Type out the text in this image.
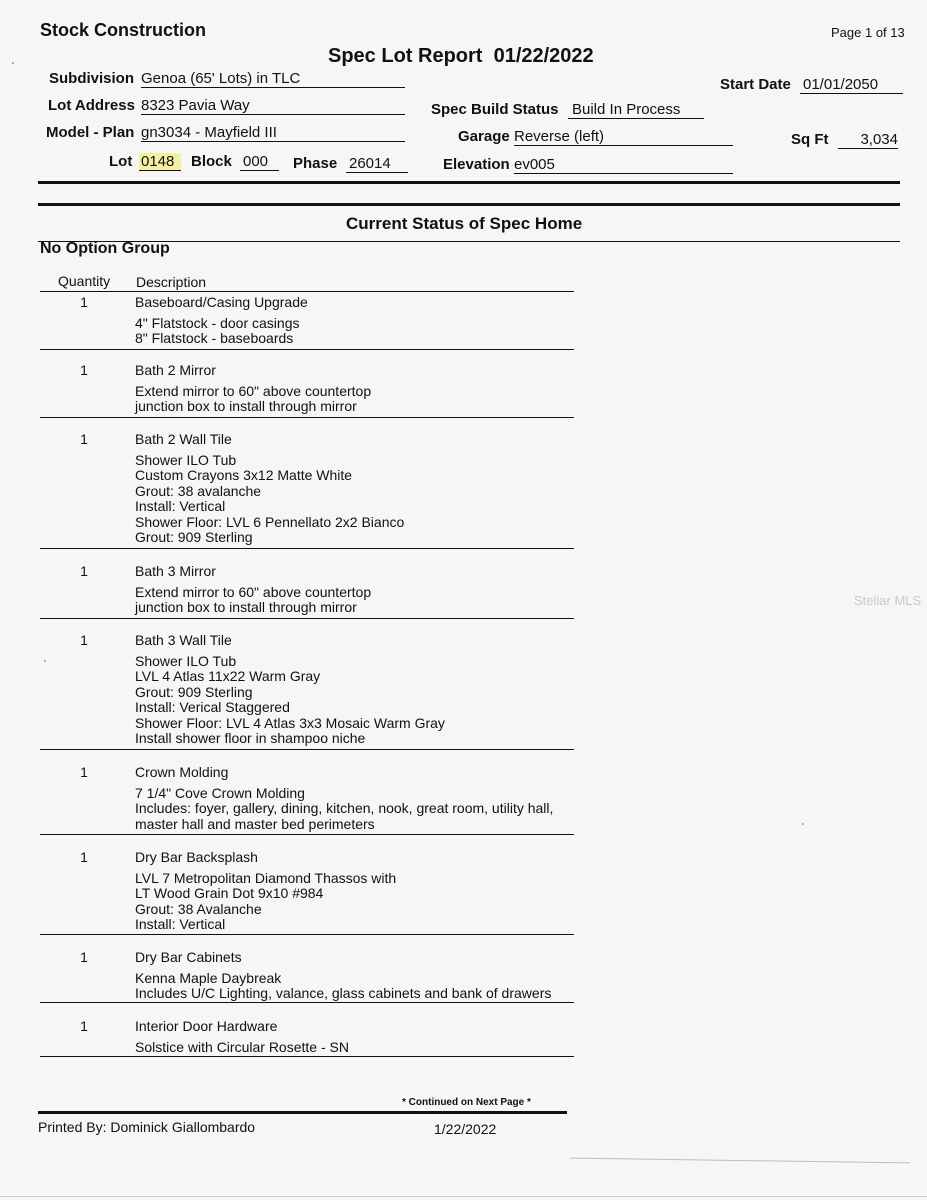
Stock Construction	Page 1 of 13
Spec Lot Report  01/22/2022
Subdivision Genoa (65' Lots) in TLC	Start Date 01/01/2050
Lot Address 8323 Pavia Way	Spec Build Status Build In Process
Model - Plan gn3034 - Mayfield III	Garage Reverse (left)	Sq Ft	3,034
Lot 0148	Block 000	Phase 26014	Elevation ev005
Current Status of Spec Home
No Option Group
Quantity Description
1	Baseboard/Casing Upgrade
4" Flatstock - door casings
8" Flatstock - baseboards
1	Bath 2 Mirror
Extend mirror to 60" above countertop
junction box to install through mirror
1	Bath 2 Wall Tile
Shower ILO Tub
Custom Crayons 3x12 Matte White
Grout: 38 avalanche
Install: Vertical
Shower Floor: LVL 6 Pennellato 2x2 Bianco
Grout: 909 Sterling
1	Bath 3 Mirror
Extend mirror to 60" above countertop
junction box to install through mirror
1	Bath 3 Wall Tile
Shower ILO Tub
LVL 4 Atlas 11x22 Warm Gray
Grout: 909 Sterling
Install: Verical Staggered
Shower Floor: LVL 4 Atlas 3x3 Mosaic Warm Gray
Install shower floor in shampoo niche
1	Crown Molding
7 1/4" Cove Crown Molding
Includes: foyer, gallery, dining, kitchen, nook, great room, utility hall,
master hall and master bed perimeters
1	Dry Bar Backsplash
LVL 7 Metropolitan Diamond Thassos with
LT Wood Grain Dot 9x10 #984
Grout: 38 Avalanche
Install: Vertical
1	Dry Bar Cabinets
Kenna Maple Daybreak
Includes U/C Lighting, valance, glass cabinets and bank of drawers
1	Interior Door Hardware
Solstice with Circular Rosette - SN
* Continued on Next Page *
Printed By: Dominick Giallombardo	1/22/2022
Stellar MLS
